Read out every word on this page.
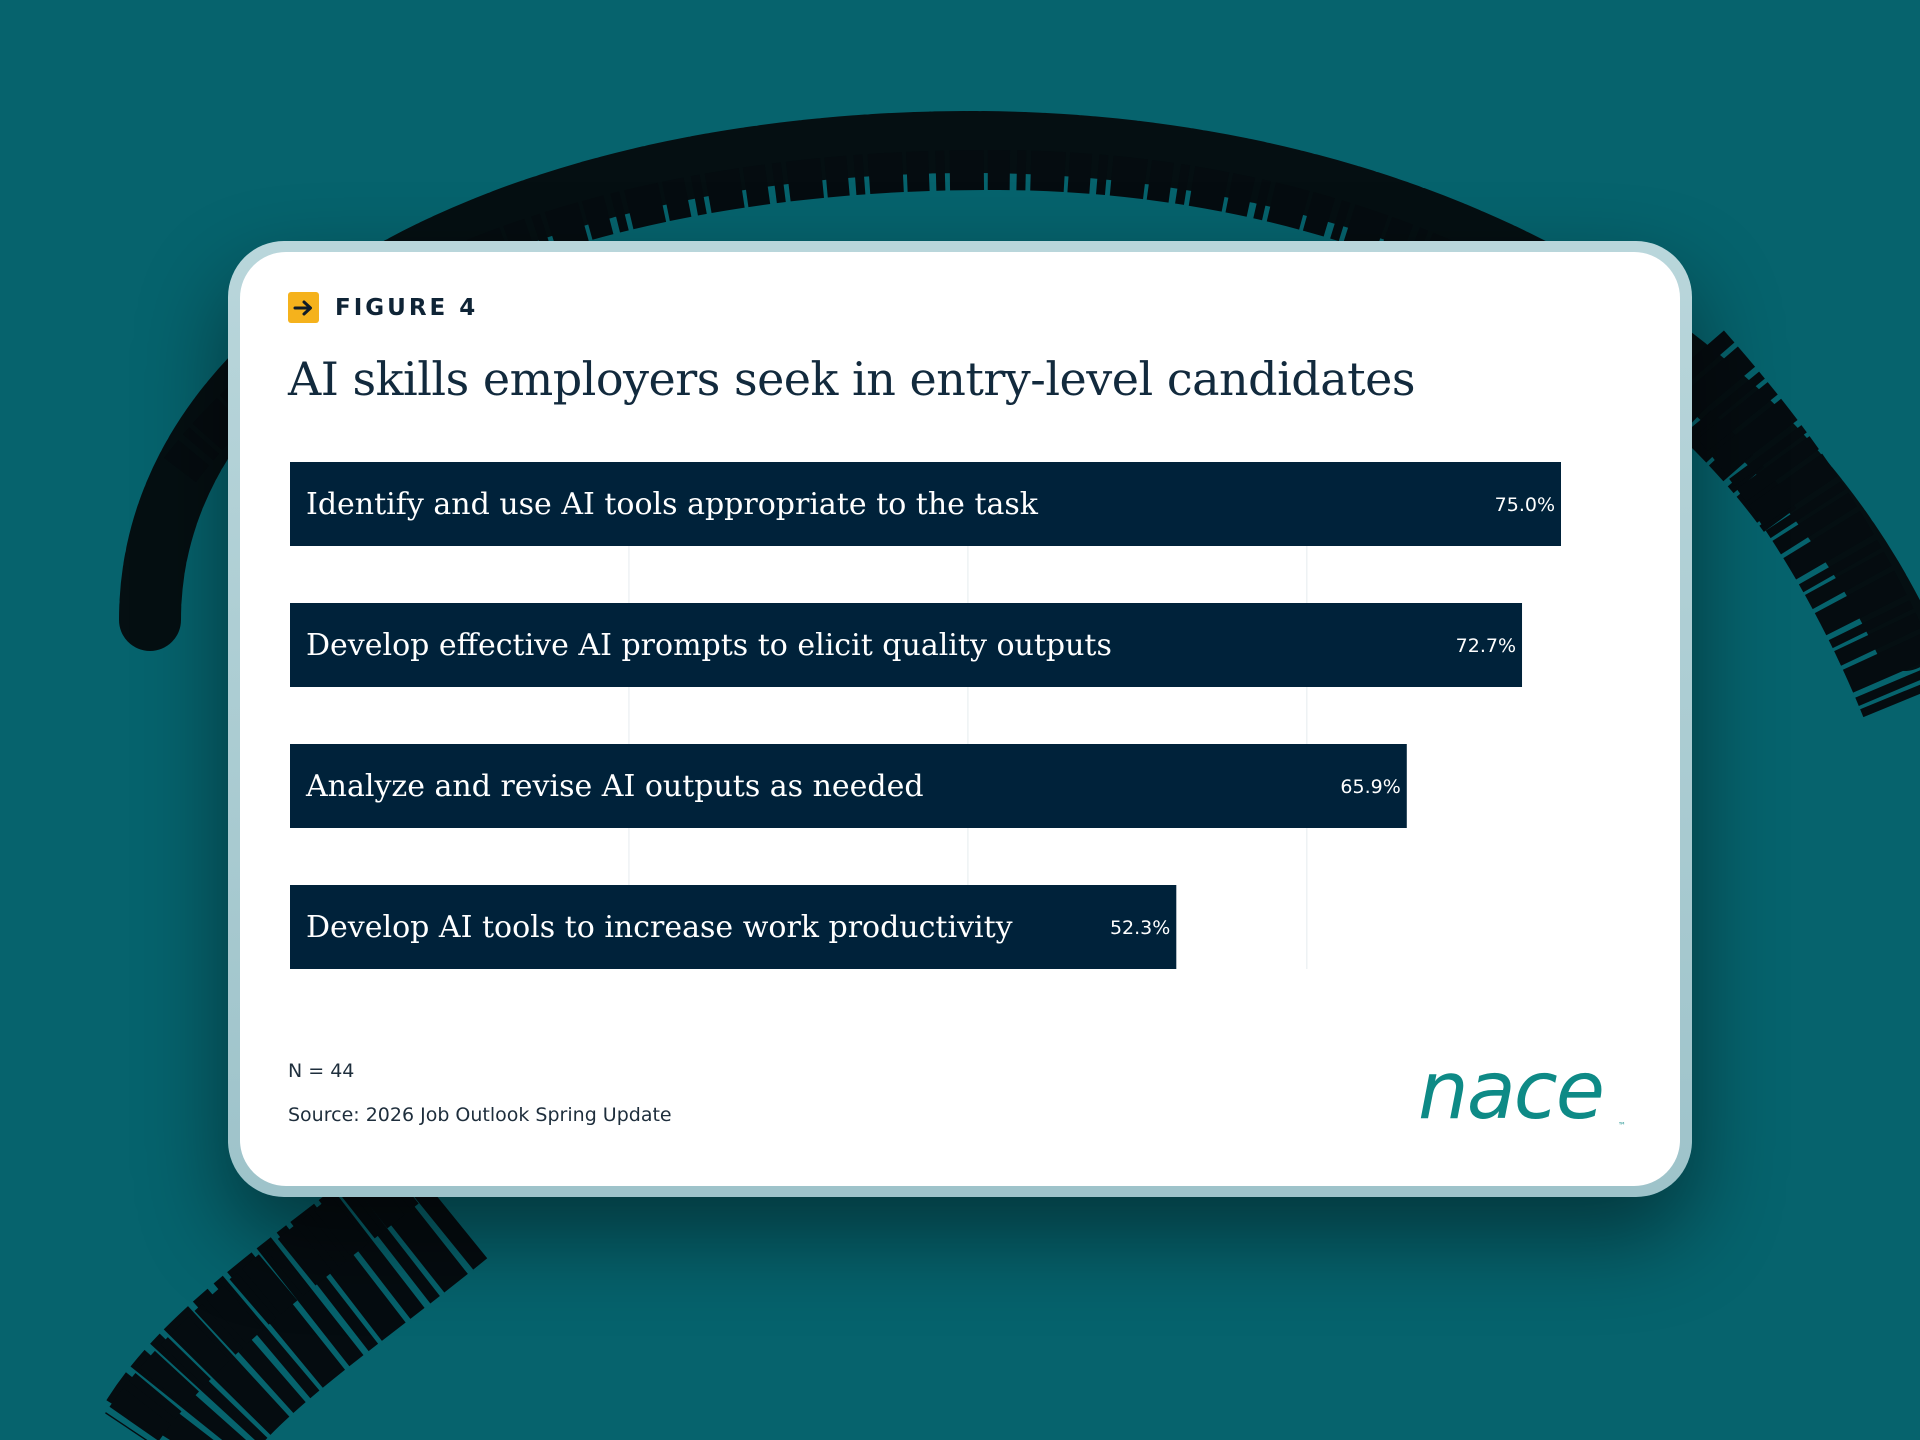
FIGURE 4
AI skills employers seek in entry-level candidates
Identify and use AI tools appropriate to the task	75.0%
Develop effective AI prompts to elicit quality outputs	72.7%
Analyze and revise AI outputs as needed	65.9%
Develop AI tools to increase work productivity	52.3%
N = 44
Source: 2026 Job Outlook Spring Update	nace ™
